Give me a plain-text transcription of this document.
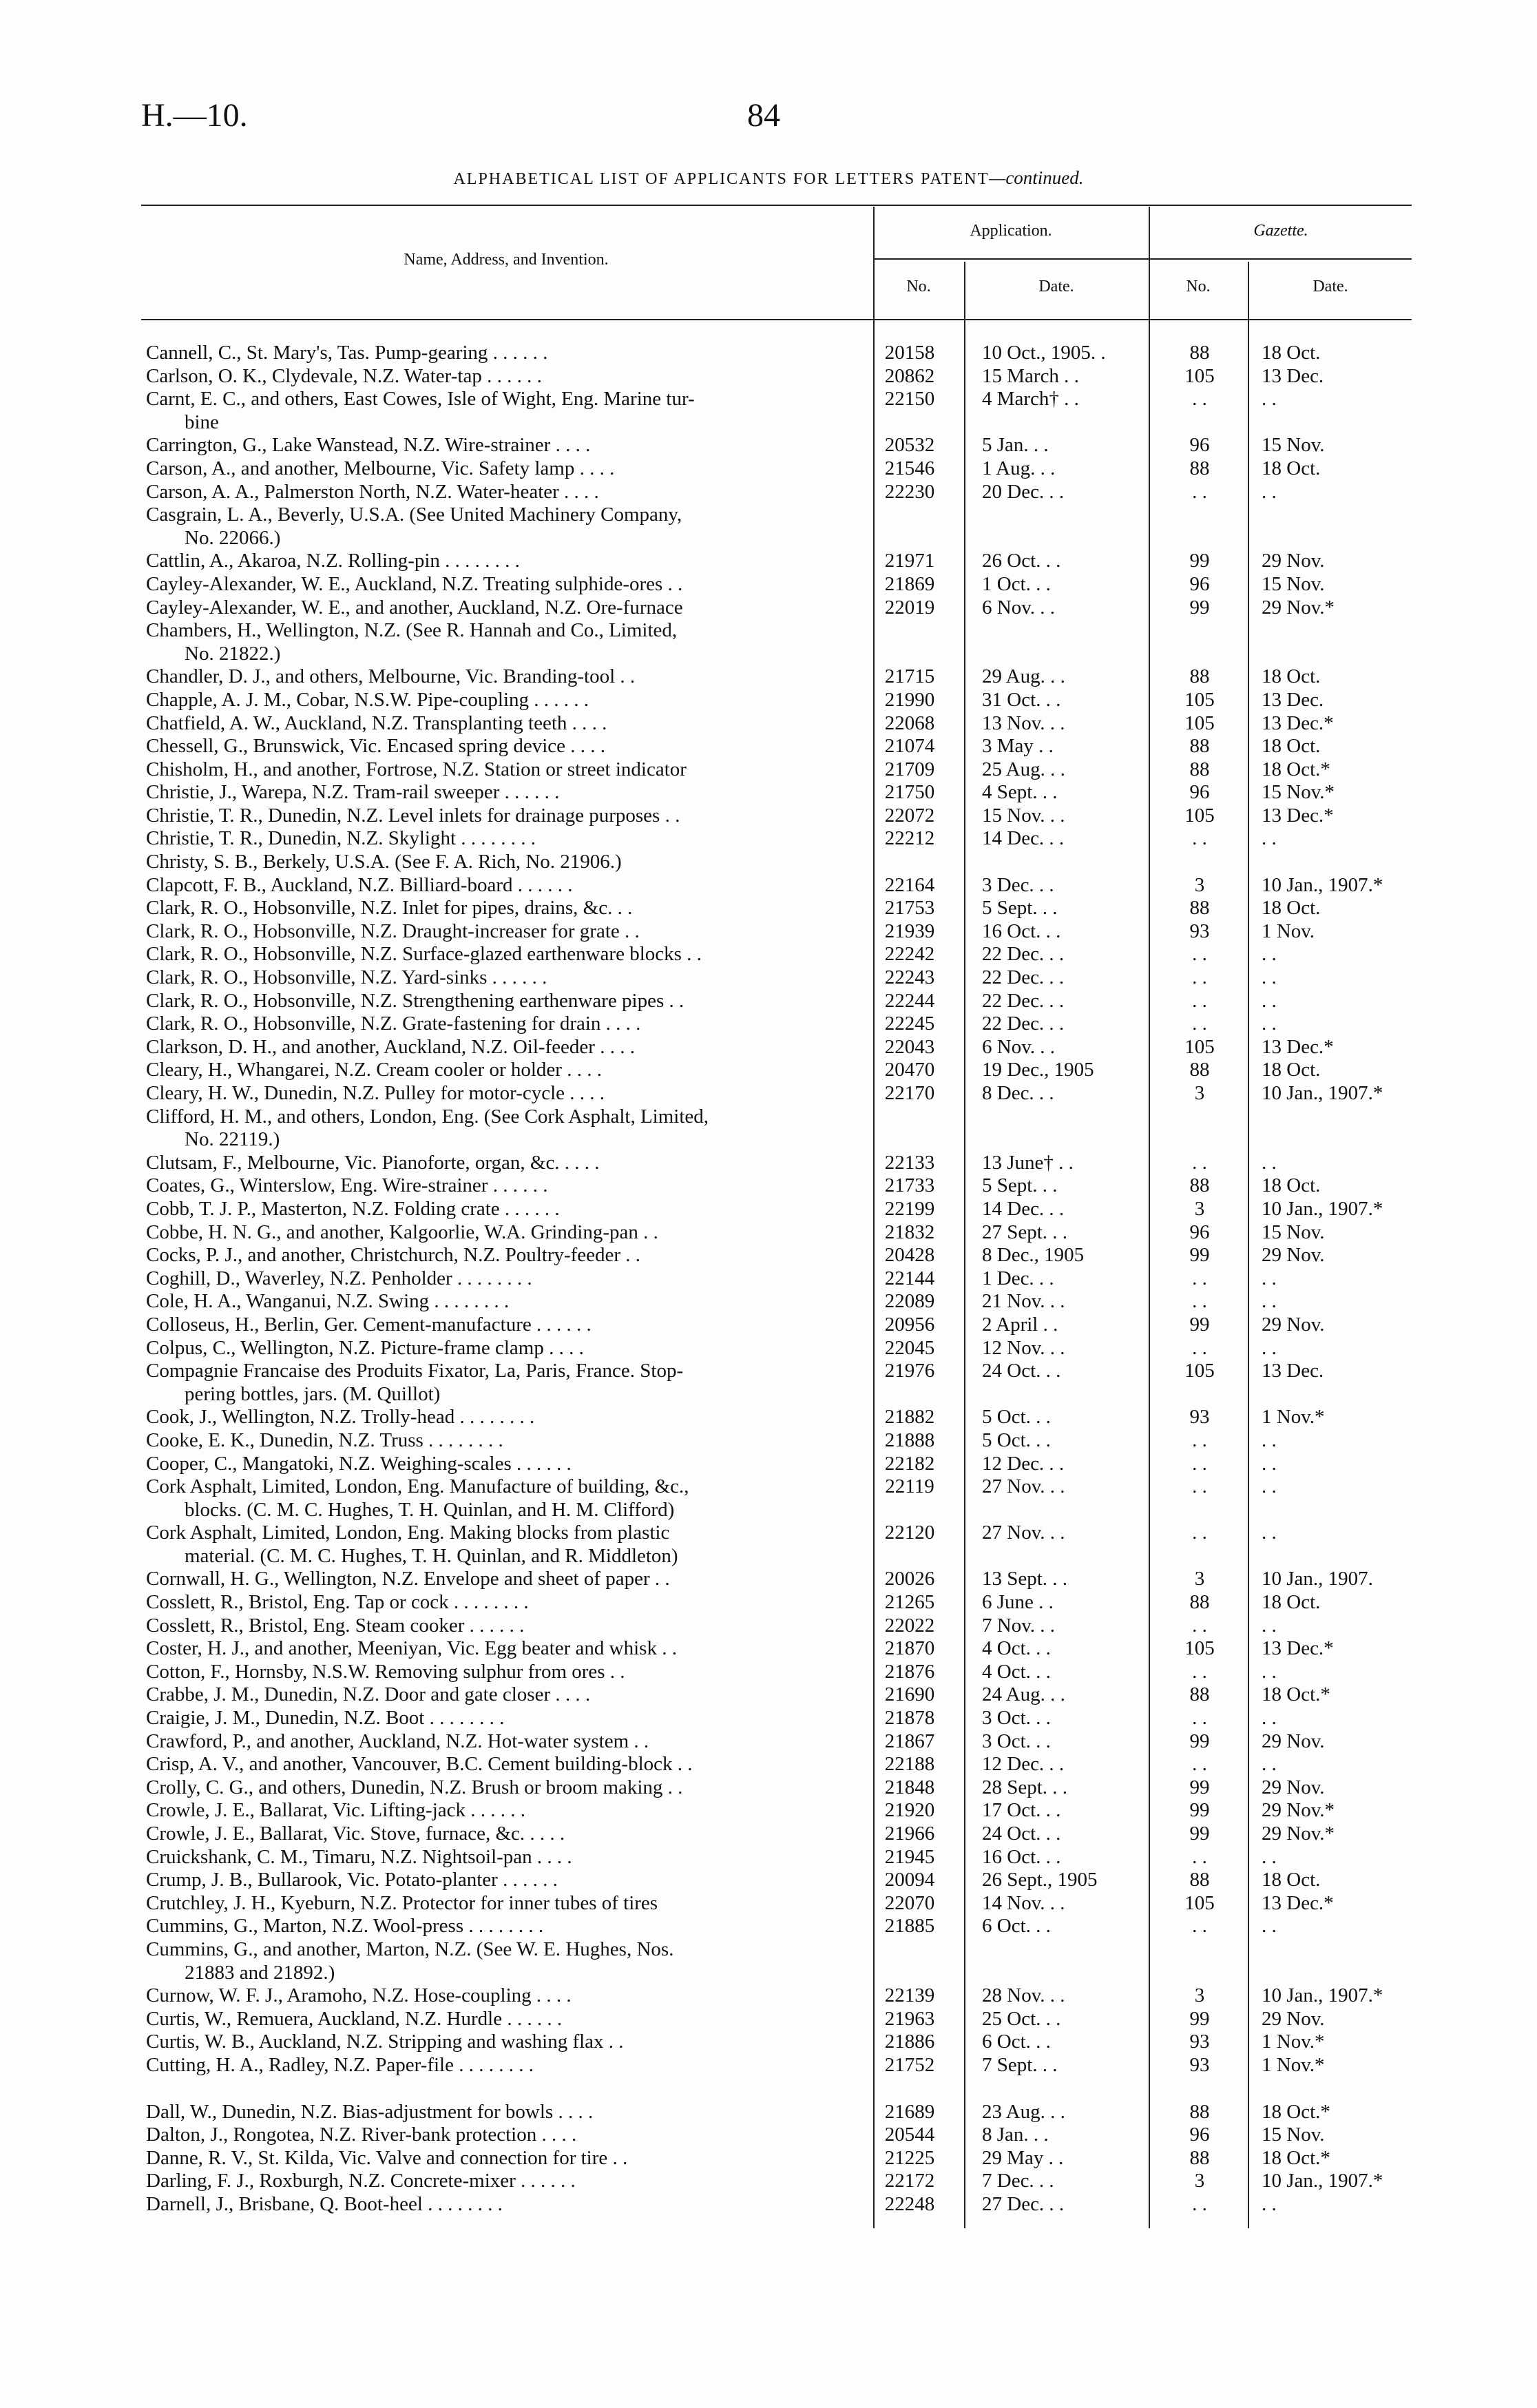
H.—10.	84
ALPHABETICAL LIST OF APPLICANTS FOR LETTERS PATENT—continued.
Name, Address, and Invention.
Application.	Gazette.
No.	Date.	No.	Date.
Cannell, C., St. Mary's, Tas. Pump-gearing . . . . . .	20158	10 Oct., 1905. .	88	18 Oct.
Carlson, O. K., Clydevale, N.Z. Water-tap . . . . . .	20862	15 March . .	105	13 Dec.
Carnt, E. C., and others, East Cowes, Isle of Wight, Eng. Marine tur-	22150	4 March† . .	. .	. .
bine
Carrington, G., Lake Wanstead, N.Z. Wire-strainer . . . .	20532	5 Jan. . .	96	15 Nov.
Carson, A., and another, Melbourne, Vic. Safety lamp . . . .	21546	1 Aug. . .	88	18 Oct.
Carson, A. A., Palmerston North, N.Z. Water-heater . . . .	22230	20 Dec. . .	. .	. .
Casgrain, L. A., Beverly, U.S.A. (See United Machinery Company,
No. 22066.)
Cattlin, A., Akaroa, N.Z. Rolling-pin . . . . . . . .	21971	26 Oct. . .	99	29 Nov.
Cayley-Alexander, W. E., Auckland, N.Z. Treating sulphide-ores . .	21869	1 Oct. . .	96	15 Nov.
Cayley-Alexander, W. E., and another, Auckland, N.Z. Ore-furnace	22019	6 Nov. . .	99	29 Nov.*
Chambers, H., Wellington, N.Z. (See R. Hannah and Co., Limited,
No. 21822.)
Chandler, D. J., and others, Melbourne, Vic. Branding-tool . .	21715	29 Aug. . .	88	18 Oct.
Chapple, A. J. M., Cobar, N.S.W. Pipe-coupling . . . . . .	21990	31 Oct. . .	105	13 Dec.
Chatfield, A. W., Auckland, N.Z. Transplanting teeth . . . .	22068	13 Nov. . .	105	13 Dec.*
Chessell, G., Brunswick, Vic. Encased spring device . . . .	21074	3 May . .	88	18 Oct.
Chisholm, H., and another, Fortrose, N.Z. Station or street indicator	21709	25 Aug. . .	88	18 Oct.*
Christie, J., Warepa, N.Z. Tram-rail sweeper . . . . . .	21750	4 Sept. . .	96	15 Nov.*
Christie, T. R., Dunedin, N.Z. Level inlets for drainage purposes . .	22072	15 Nov. . .	105	13 Dec.*
Christie, T. R., Dunedin, N.Z. Skylight . . . . . . . .	22212	14 Dec. . .	. .	. .
Christy, S. B., Berkely, U.S.A. (See F. A. Rich, No. 21906.)
Clapcott, F. B., Auckland, N.Z. Billiard-board . . . . . .	22164	3 Dec. . .	3	10 Jan., 1907.*
Clark, R. O., Hobsonville, N.Z. Inlet for pipes, drains, &c. . .	21753	5 Sept. . .	88	18 Oct.
Clark, R. O., Hobsonville, N.Z. Draught-increaser for grate . .	21939	16 Oct. . .	93	1 Nov.
Clark, R. O., Hobsonville, N.Z. Surface-glazed earthenware blocks . .	22242	22 Dec. . .	. .	. .
Clark, R. O., Hobsonville, N.Z. Yard-sinks . . . . . .	22243	22 Dec. . .	. .	. .
Clark, R. O., Hobsonville, N.Z. Strengthening earthenware pipes . .	22244	22 Dec. . .	. .	. .
Clark, R. O., Hobsonville, N.Z. Grate-fastening for drain . . . .	22245	22 Dec. . .	. .	. .
Clarkson, D. H., and another, Auckland, N.Z. Oil-feeder . . . .	22043	6 Nov. . .	105	13 Dec.*
Cleary, H., Whangarei, N.Z. Cream cooler or holder . . . .	20470	19 Dec., 1905	88	18 Oct.
Cleary, H. W., Dunedin, N.Z. Pulley for motor-cycle . . . .	22170	8 Dec. . .	3	10 Jan., 1907.*
Clifford, H. M., and others, London, Eng. (See Cork Asphalt, Limited,
No. 22119.)
Clutsam, F., Melbourne, Vic. Pianoforte, organ, &c. . . . .	22133	13 June† . .	. .	. .
Coates, G., Winterslow, Eng. Wire-strainer . . . . . .	21733	5 Sept. . .	88	18 Oct.
Cobb, T. J. P., Masterton, N.Z. Folding crate . . . . . .	22199	14 Dec. . .	3	10 Jan., 1907.*
Cobbe, H. N. G., and another, Kalgoorlie, W.A. Grinding-pan . .	21832	27 Sept. . .	96	15 Nov.
Cocks, P. J., and another, Christchurch, N.Z. Poultry-feeder . .	20428	8 Dec., 1905	99	29 Nov.
Coghill, D., Waverley, N.Z. Penholder . . . . . . . .	22144	1 Dec. . .	. .	. .
Cole, H. A., Wanganui, N.Z. Swing . . . . . . . .	22089	21 Nov. . .	. .	. .
Colloseus, H., Berlin, Ger. Cement-manufacture . . . . . .	20956	2 April . .	99	29 Nov.
Colpus, C., Wellington, N.Z. Picture-frame clamp . . . .	22045	12 Nov. . .	. .	. .
Compagnie Francaise des Produits Fixator, La, Paris, France. Stop-	21976	24 Oct. . .	105	13 Dec.
pering bottles, jars. (M. Quillot)
Cook, J., Wellington, N.Z. Trolly-head . . . . . . . .	21882	5 Oct. . .	93	1 Nov.*
Cooke, E. K., Dunedin, N.Z. Truss . . . . . . . .	21888	5 Oct. . .	. .	. .
Cooper, C., Mangatoki, N.Z. Weighing-scales . . . . . .	22182	12 Dec. . .	. .	. .
Cork Asphalt, Limited, London, Eng. Manufacture of building, &c.,	22119	27 Nov. . .	. .	. .
blocks. (C. M. C. Hughes, T. H. Quinlan, and H. M. Clifford)
Cork Asphalt, Limited, London, Eng. Making blocks from plastic	22120	27 Nov. . .	. .	. .
material. (C. M. C. Hughes, T. H. Quinlan, and R. Middleton)
Cornwall, H. G., Wellington, N.Z. Envelope and sheet of paper . .	20026	13 Sept. . .	3	10 Jan., 1907.
Cosslett, R., Bristol, Eng. Tap or cock . . . . . . . .	21265	6 June . .	88	18 Oct.
Cosslett, R., Bristol, Eng. Steam cooker . . . . . .	22022	7 Nov. . .	. .	. .
Coster, H. J., and another, Meeniyan, Vic. Egg beater and whisk . .	21870	4 Oct. . .	105	13 Dec.*
Cotton, F., Hornsby, N.S.W. Removing sulphur from ores . .	21876	4 Oct. . .	. .	. .
Crabbe, J. M., Dunedin, N.Z. Door and gate closer . . . .	21690	24 Aug. . .	88	18 Oct.*
Craigie, J. M., Dunedin, N.Z. Boot . . . . . . . .	21878	3 Oct. . .	. .	. .
Crawford, P., and another, Auckland, N.Z. Hot-water system . .	21867	3 Oct. . .	99	29 Nov.
Crisp, A. V., and another, Vancouver, B.C. Cement building-block . .	22188	12 Dec. . .	. .	. .
Crolly, C. G., and others, Dunedin, N.Z. Brush or broom making . .	21848	28 Sept. . .	99	29 Nov.
Crowle, J. E., Ballarat, Vic. Lifting-jack . . . . . .	21920	17 Oct. . .	99	29 Nov.*
Crowle, J. E., Ballarat, Vic. Stove, furnace, &c. . . . .	21966	24 Oct. . .	99	29 Nov.*
Cruickshank, C. M., Timaru, N.Z. Nightsoil-pan . . . .	21945	16 Oct. . .	. .	. .
Crump, J. B., Bullarook, Vic. Potato-planter . . . . . .	20094	26 Sept., 1905	88	18 Oct.
Crutchley, J. H., Kyeburn, N.Z. Protector for inner tubes of tires	22070	14 Nov. . .	105	13 Dec.*
Cummins, G., Marton, N.Z. Wool-press . . . . . . . .	21885	6 Oct. . .	. .	. .
Cummins, G., and another, Marton, N.Z. (See W. E. Hughes, Nos.
21883 and 21892.)
Curnow, W. F. J., Aramoho, N.Z. Hose-coupling . . . .	22139	28 Nov. . .	3	10 Jan., 1907.*
Curtis, W., Remuera, Auckland, N.Z. Hurdle . . . . . .	21963	25 Oct. . .	99	29 Nov.
Curtis, W. B., Auckland, N.Z. Stripping and washing flax . .	21886	6 Oct. . .	93	1 Nov.*
Cutting, H. A., Radley, N.Z. Paper-file . . . . . . . .	21752	7 Sept. . .	93	1 Nov.*
Dall, W., Dunedin, N.Z. Bias-adjustment for bowls . . . .	21689	23 Aug. . .	88	18 Oct.*
Dalton, J., Rongotea, N.Z. River-bank protection . . . .	20544	8 Jan. . .	96	15 Nov.
Danne, R. V., St. Kilda, Vic. Valve and connection for tire . .	21225	29 May . .	88	18 Oct.*
Darling, F. J., Roxburgh, N.Z. Concrete-mixer . . . . . .	22172	7 Dec. . .	3	10 Jan., 1907.*
Darnell, J., Brisbane, Q. Boot-heel . . . . . . . .	22248	27 Dec. . .	. .	. .
